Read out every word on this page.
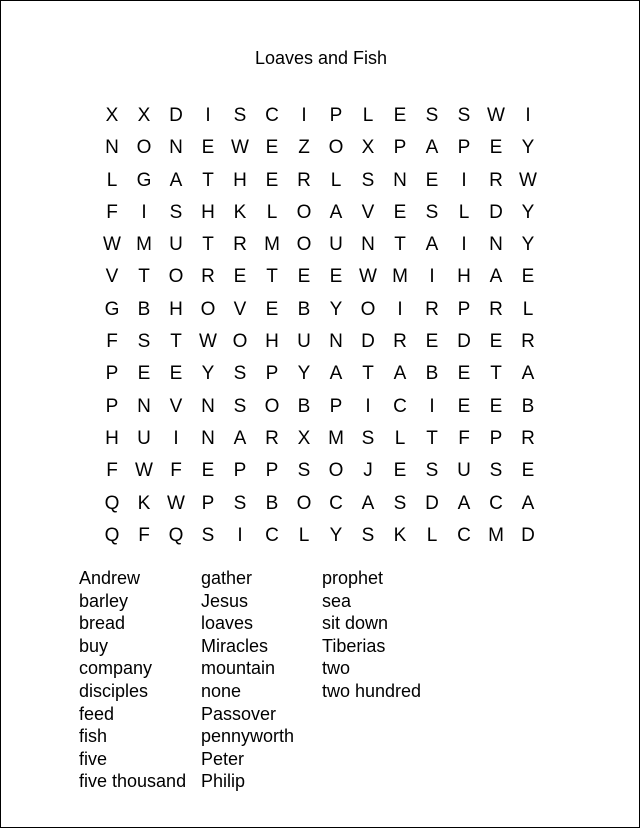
Loaves and Fish
X	X D	I	S C	I	P	L	E	S	S W	I
N O N E W E	Z O X	P	A	P	E	Y
L	G A	T	H E R	L	S N E	I	R W
F	I	S H K	L	O A	V	E	S	L	D Y
W M U	T	R M O U N	T	A	I	N Y
V	T O R E	T	E	E W M	I	H A	E
G B H O V	E	B	Y O	I	R P R	L
F	S	T W O H U N D R E D E R
P	E	E	Y	S	P	Y	A	T	A	B	E	T	A
P N V N S O B	P	I	C	I	E	E	B
H U	I	N A R X M S	L	T	F	P R
F W F	E	P	P	S O	J	E	S U S	E
Q K W P	S	B O C A	S D A C A
Q F Q S	I	C	L	Y	S	K	L	C M D
Andrew
barley
bread
buy
company
disciples
feed
fish
five
five thousand
gather
Jesus
loaves
Miracles
mountain
none
Passover
pennyworth
Peter
Philip
prophet
sea
sit down
Tiberias
two
two hundred
